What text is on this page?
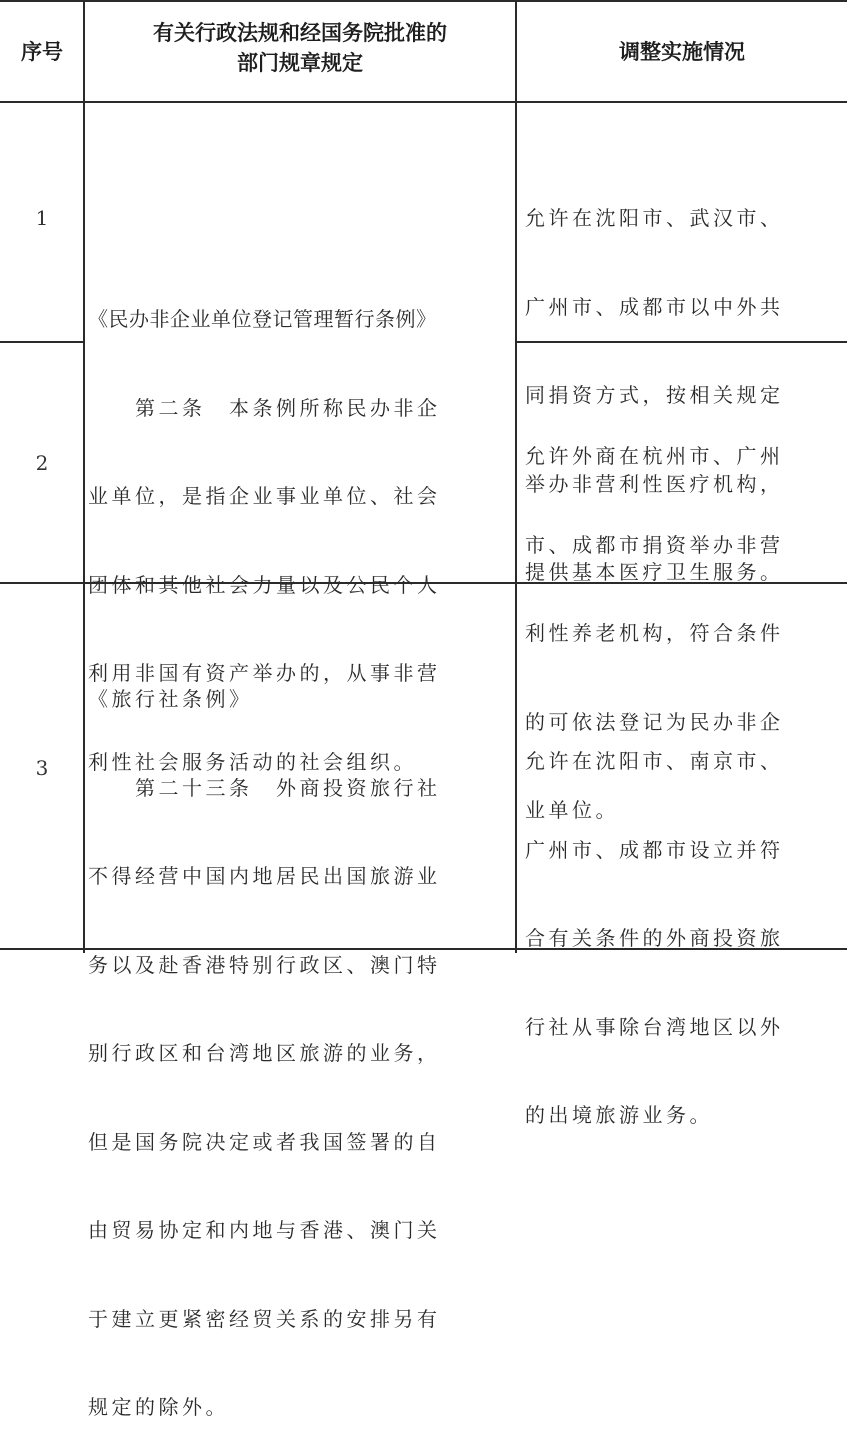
序号
有关行政法规和经国务院批准的
部门规章规定	调整实施情况
1
2
3

《民办非企业单位登记管理暂行条例》

　　第二条　本条例所称民办非企

业单位，是指企业事业单位、社会

团体和其他社会力量以及公民个人

利用非国有资产举办的，从事非营

利性社会服务活动的社会组织。

允许在沈阳市、武汉市、

广州市、成都市以中外共

同捐资方式，按相关规定

举办非营利性医疗机构，

提供基本医疗卫生服务。

允许外商在杭州市、广州

市、成都市捐资举办非营

利性养老机构，符合条件

的可依法登记为民办非企

业单位。

《旅行社条例》

　　第二十三条　外商投资旅行社

不得经营中国内地居民出国旅游业

务以及赴香港特别行政区、澳门特

别行政区和台湾地区旅游的业务，

但是国务院决定或者我国签署的自

由贸易协定和内地与香港、澳门关

于建立更紧密经贸关系的安排另有

规定的除外。

允许在沈阳市、南京市、

广州市、成都市设立并符

合有关条件的外商投资旅

行社从事除台湾地区以外

的出境旅游业务。
